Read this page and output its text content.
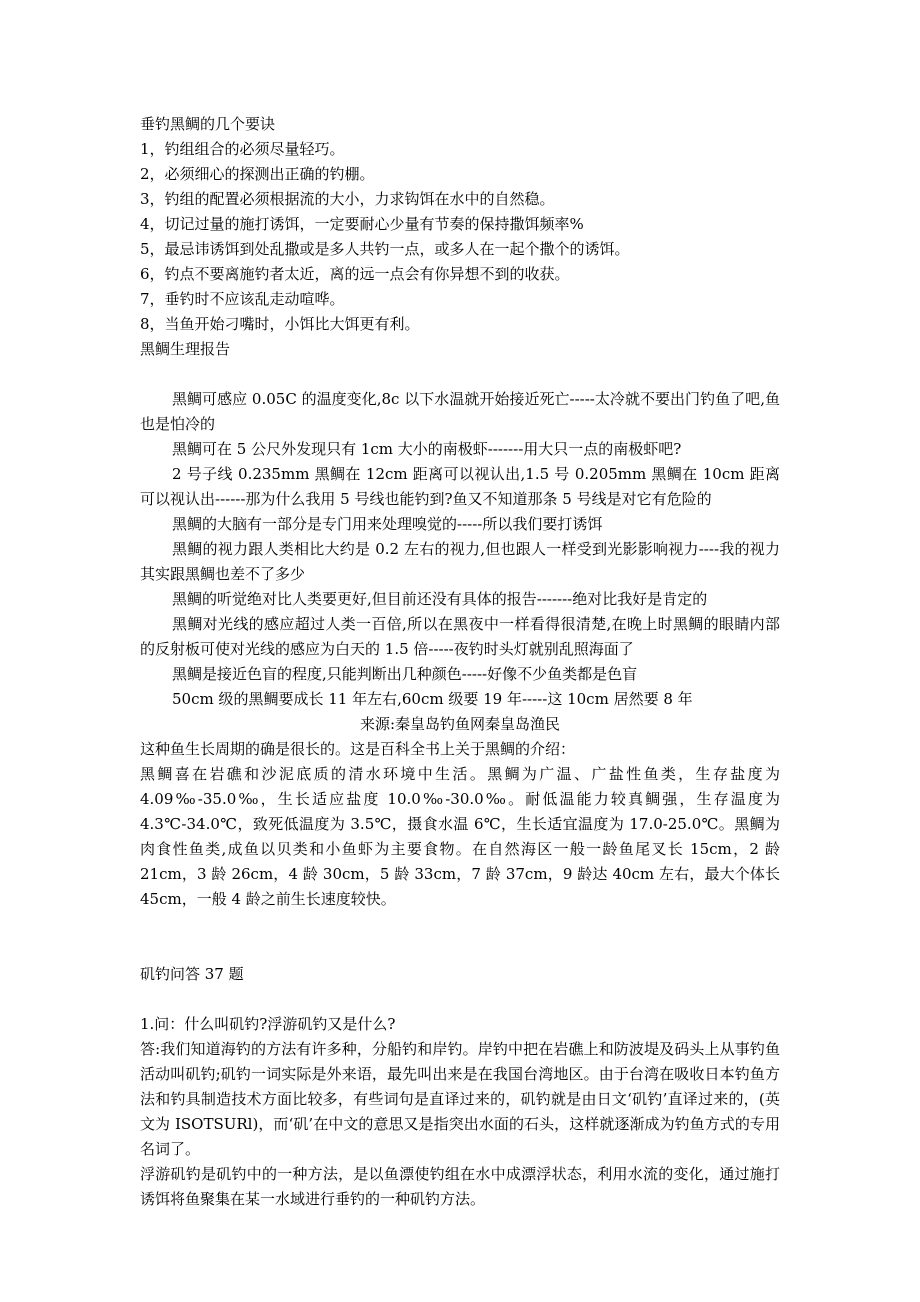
垂钓黑鲷的几个要诀

1，钓组组合的必须尽量轻巧。

2，必须细心的探测出正确的钓棚。

3，钓组的配置必须根据流的大小，力求钩饵在水中的自然稳。

4，切记过量的施打诱饵，一定要耐心少量有节奏的保持撒饵频率%

5，最忌讳诱饵到处乱撒或是多人共钓一点，或多人在一起个撒个的诱饵。

6，钓点不要离施钓者太近，离的远一点会有你异想不到的收获。

7，垂钓时不应该乱走动喧哗。

8，当鱼开始刁嘴时，小饵比大饵更有利。

黑鲷生理报告

黑鲷可感应 0.05C 的温度变化,8c 以下水温就开始接近死亡-----太冷就不要出门钓鱼了吧,鱼也是怕冷的

黑鲷可在 5 公尺外发现只有 1cm 大小的南极虾-------用大只一点的南极虾吧?

2 号子线 0.235mm 黑鲷在 12cm 距离可以视认出,1.5 号 0.205mm 黑鲷在 10cm 距离可以视认出------那为什么我用 5 号线也能钓到?鱼又不知道那条 5 号线是对它有危险的

黑鲷的大脑有一部分是专门用来处理嗅觉的-----所以我们要打诱饵

黑鲷的视力跟人类相比大约是 0.2 左右的视力,但也跟人一样受到光影影响视力----我的视力其实跟黑鲷也差不了多少

黑鲷的听觉绝对比人类要更好,但目前还没有具体的报告-------绝对比我好是肯定的

黑鲷对光线的感应超过人类一百倍,所以在黑夜中一样看得很清楚,在晚上时黑鲷的眼睛内部的反射板可使对光线的感应为白天的 1.5 倍-----夜钓时头灯就别乱照海面了

黑鲷是接近色盲的程度,只能判断出几种颜色-----好像不少鱼类都是色盲

50cm 级的黑鲷要成长 11 年左右,60cm 级要 19 年-----这 10cm 居然要 8 年

来源:秦皇岛钓鱼网秦皇岛渔民

这种鱼生长周期的确是很长的。这是百科全书上关于黑鲷的介绍：

黑鲷喜在岩礁和沙泥底质的清水环境中生活。黑鲷为广温、广盐性鱼类，生存盐度为 4.09‰-35.0‰，生长适应盐度 10.0‰-30.0‰。耐低温能力较真鲷强，生存温度为 4.3℃-34.0℃，致死低温度为 3.5℃，摄食水温 6℃，生长适宜温度为 17.0-25.0℃。黑鲷为肉食性鱼类,成鱼以贝类和小鱼虾为主要食物。在自然海区一般一龄鱼尾叉长 15cm，2 龄 21cm，3 龄 26cm，4 龄 30cm，5 龄 33cm，7 龄 37cm，9 龄达 40cm 左右，最大个体长 45cm，一般 4 龄之前生长速度较快。

矶钓问答 37 题

1.问：什么叫矶钓?浮游矶钓又是什么?

答:我们知道海钓的方法有许多种，分船钓和岸钓。岸钓中把在岩礁上和防波堤及码头上从事钓鱼活动叫矶钓;矶钓一词实际是外来语，最先叫出来是在我国台湾地区。由于台湾在吸收日本钓鱼方法和钓具制造技术方面比较多，有些词句是直译过来的，矶钓就是由日文‘矶钓’直译过来的，(英文为 ISOTSURl)，而‘矶’在中文的意思又是指突出水面的石头，这样就逐渐成为钓鱼方式的专用名词了。

浮游矶钓是矶钓中的一种方法，是以鱼漂使钓组在水中成漂浮状态，利用水流的变化，通过施打诱饵将鱼聚集在某一水域进行垂钓的一种矶钓方法。
